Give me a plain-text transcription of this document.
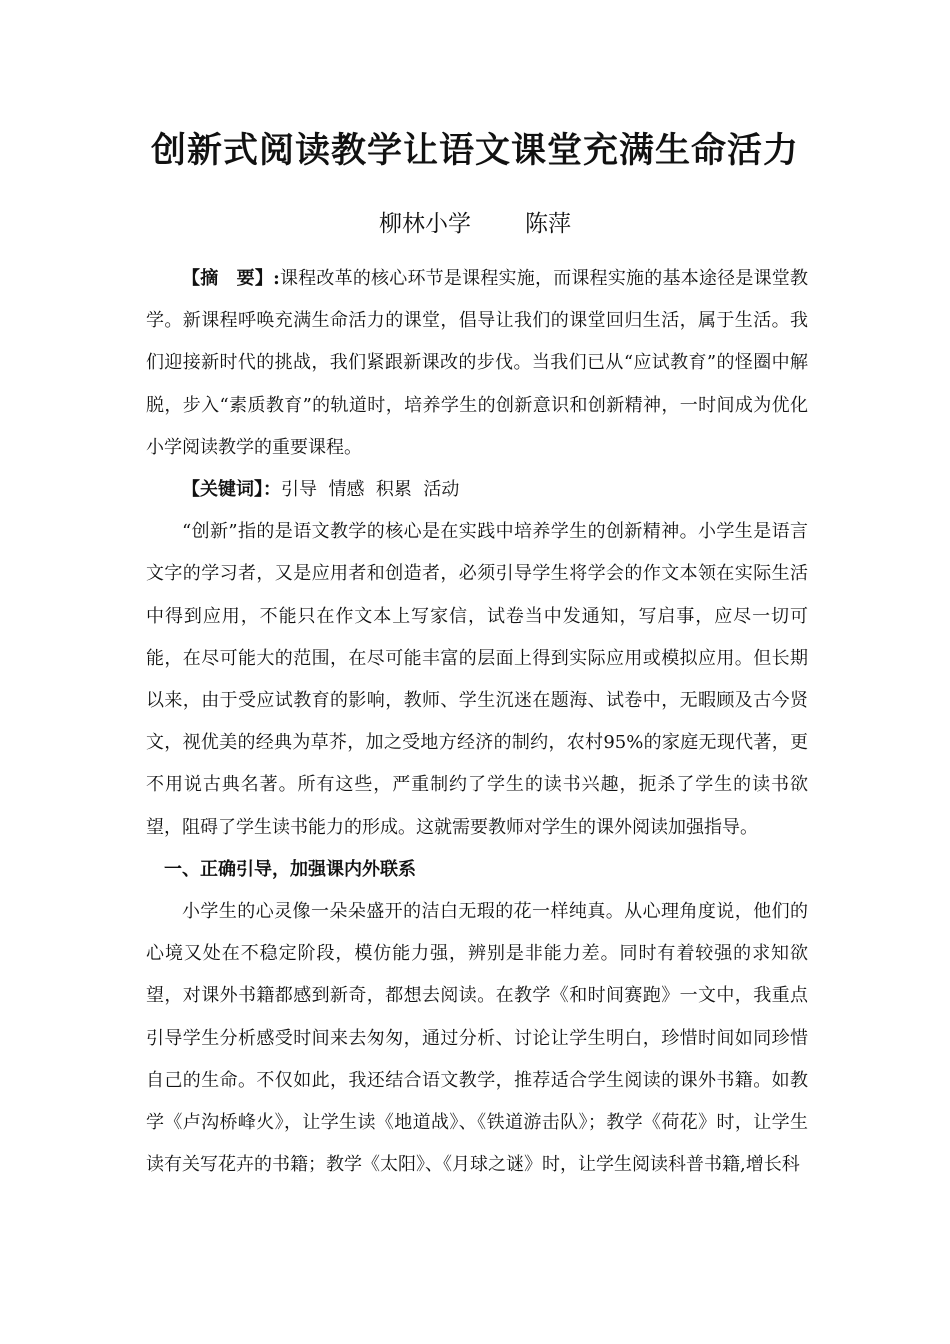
创新式阅读教学让语文课堂充满生命活力
柳林小学 陈萍

【摘　要】:课程改革的核心环节是课程实施，而课程实施的基本途径是课堂教学。新课程呼唤充满生命活力的课堂，倡导让我们的课堂回归生活，属于生活。我们迎接新时代的挑战，我们紧跟新课改的步伐。当我们已从“应试教育”的怪圈中解脱，步入“素质教育”的轨道时，培养学生的创新意识和创新精神，一时间成为优化小学阅读教学的重要课程。

【关键词】：引导  情感  积累  活动

“创新”指的是语文教学的核心是在实践中培养学生的创新精神。小学生是语言文字的学习者，又是应用者和创造者，必须引导学生将学会的作文本领在实际生活中得到应用，不能只在作文本上写家信，试卷当中发通知，写启事，应尽一切可能，在尽可能大的范围，在尽可能丰富的层面上得到实际应用或模拟应用。但长期以来，由于受应试教育的影响，教师、学生沉迷在题海、试卷中，无暇顾及古今贤文，视优美的经典为草芥，加之受地方经济的制约，农村95%的家庭无现代著，更不用说古典名著。所有这些，严重制约了学生的读书兴趣，扼杀了学生的读书欲望，阻碍了学生读书能力的形成。这就需要教师对学生的课外阅读加强指导。

一、正确引导，加强课内外联系

小学生的心灵像一朵朵盛开的洁白无瑕的花一样纯真。从心理角度说，他们的心境又处在不稳定阶段，模仿能力强，辨别是非能力差。同时有着较强的求知欲望，对课外书籍都感到新奇，都想去阅读。在教学《和时间赛跑》一文中，我重点引导学生分析感受时间来去匆匆，通过分析、讨论让学生明白，珍惜时间如同珍惜自己的生命。不仅如此，我还结合语文教学，推荐适合学生阅读的课外书籍。如教学《卢沟桥峰火》，让学生读《地道战》、《铁道游击队》；教学《荷花》时，让学生读有关写花卉的书籍；教学《太阳》、《月球之谜》时，让学生阅读科普书籍,增长科
